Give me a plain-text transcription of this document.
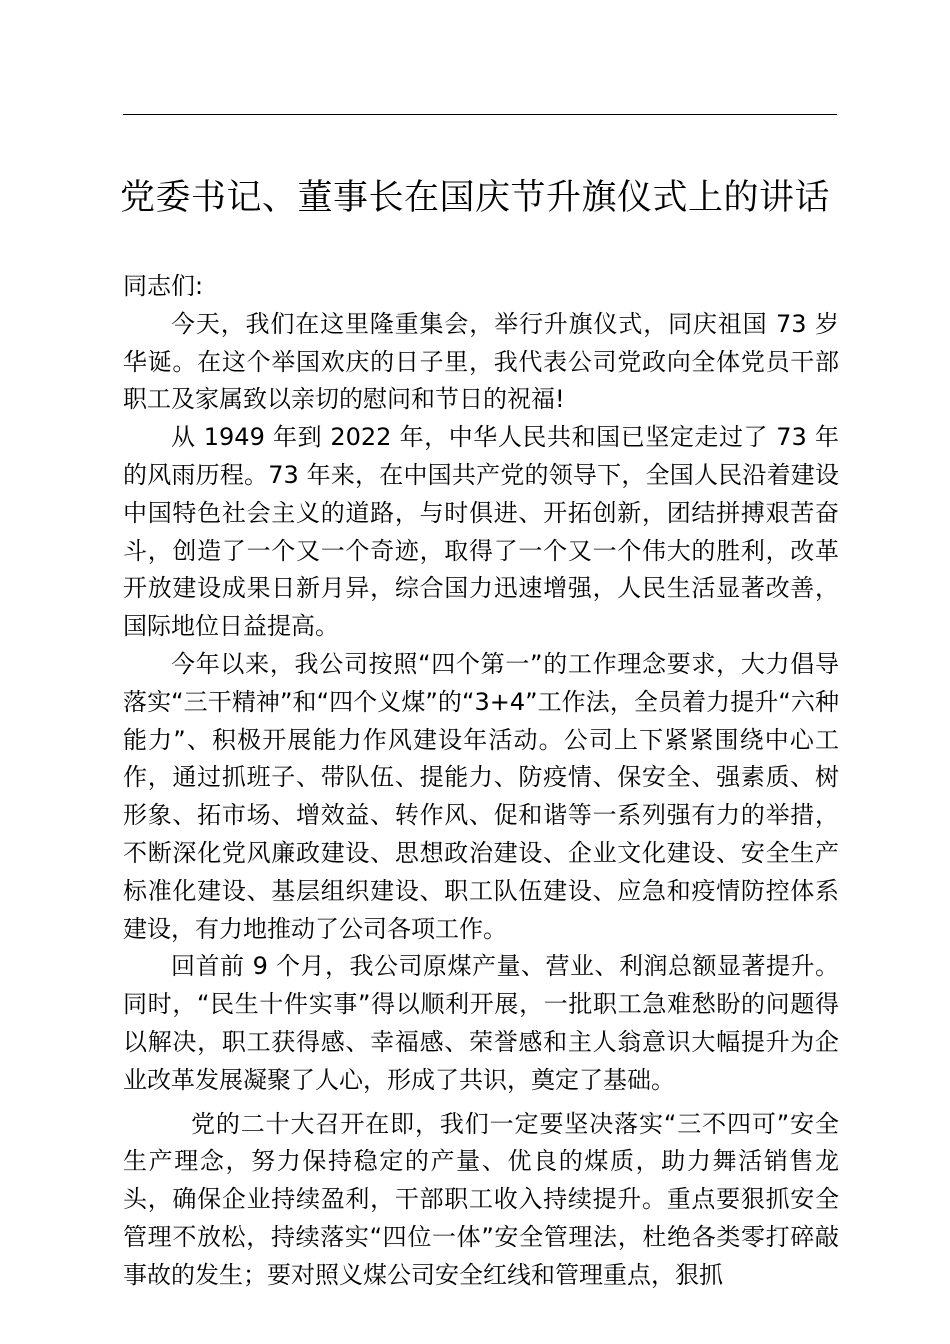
党委书记、董事长在国庆节升旗仪式上的讲话

同志们:

今天，我们在这里隆重集会，举行升旗仪式，同庆祖国 73 岁华诞。在这个举国欢庆的日子里，我代表公司党政向全体党员干部职工及家属致以亲切的慰问和节日的祝福!

从 1949 年到 2022 年，中华人民共和国已坚定走过了 73 年的风雨历程。73 年来，在中国共产党的领导下，全国人民沿着建设中国特色社会主义的道路，与时俱进、开拓创新，团结拼搏艰苦奋斗，创造了一个又一个奇迹，取得了一个又一个伟大的胜利，改革开放建设成果日新月异，综合国力迅速增强，人民生活显著改善，国际地位日益提高。

今年以来，我公司按照“四个第一”的工作理念要求，大力倡导落实“三干精神”和“四个义煤”的“3+4”工作法，全员着力提升“六种能力”、积极开展能力作风建设年活动。公司上下紧紧围绕中心工作，通过抓班子、带队伍、提能力、防疫情、保安全、强素质、树形象、拓市场、增效益、转作风、促和谐等一系列强有力的举措，不断深化党风廉政建设、思想政治建设、企业文化建设、安全生产标准化建设、基层组织建设、职工队伍建设、应急和疫情防控体系建设，有力地推动了公司各项工作。

回首前 9 个月，我公司原煤产量、营业、利润总额显著提升。同时，“民生十件实事”得以顺利开展，一批职工急难愁盼的问题得以解决，职工获得感、幸福感、荣誉感和主人翁意识大幅提升为企业改革发展凝聚了人心，形成了共识，奠定了基础。

党的二十大召开在即，我们一定要坚决落实“三不四可”安全生产理念，努力保持稳定的产量、优良的煤质，助力舞活销售龙头，确保企业持续盈利，干部职工收入持续提升。重点要狠抓安全管理不放松，持续落实“四位一体”安全管理法，杜绝各类零打碎敲事故的发生；要对照义煤公司安全红线和管理重点，狠抓
